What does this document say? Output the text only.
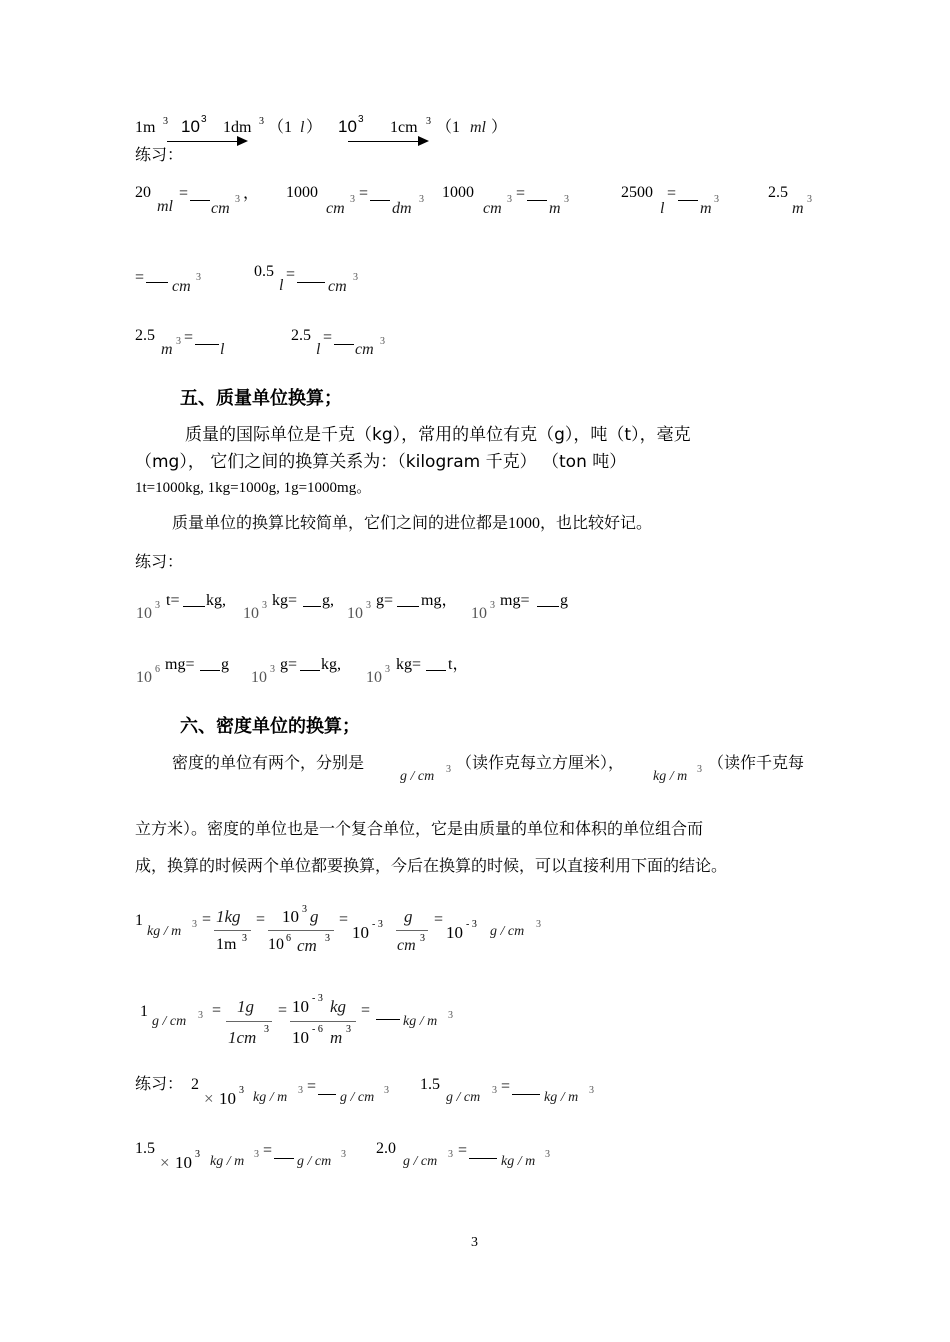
1m 3 10 3 1dm 3 （1 l ） 10 3 1cm 3 （1 ml ）
练习：
20
ml
=
cm
3 ， 1000
cm
3 =
dm
3 1000
cm
3 =
m
3	2500
l
=
m
3	2.5
m
3
=
cm
3	0.5
l
=
cm
3
2.5
m 3 =
l
2.5
l
=
cm 3
五、质量单位换算；
质量的国际单位是千克（kg），常用的单位有克（g），吨（t），毫克
（mg）， 它们之间的换算关系为：（kilogram 千克） （ton 吨）
1t=1000kg, 1kg=1000g, 1g=1000mg。
质量单位的换算比较简单，它们之间的进位都是1000，也比较好记。
练习：
10 3 t= kg,
10 3 kg= g,
10 3 g= mg，
10 3 mg= g
10 6 mg= g
10 3 g= kg,
10 3 kg= t，
六、密度单位的换算；
密度的单位有两个，分别是
g / cm 3 （读作克每立方厘米），
kg / m 3 （读作千克每
立方米）。密度的单位也是一个复合单位，它是由质量的单位和体积的单位组合而
成，换算的时候两个单位都要换算，今后在换算的时候，可以直接利用下面的结论。
1
kg / m 3 = 1kg
1m 3
= 10 3 g
10 6 cm 3
=
10 - 3 g
cm 3
=
10 - 3 g / cm 3
1
g / cm 3 = 1g
1cm 3
= 10 - 3 kg
10 - 6 m 3
=
kg / m 3
练习： 2
× 10 3 kg / m 3 =
g / cm 3 1.5
g / cm 3 =
kg / m 3
1.5
× 10 3 kg / m 3 =
g / cm 3 2.0
g / cm 3 =
kg / m 3
3
